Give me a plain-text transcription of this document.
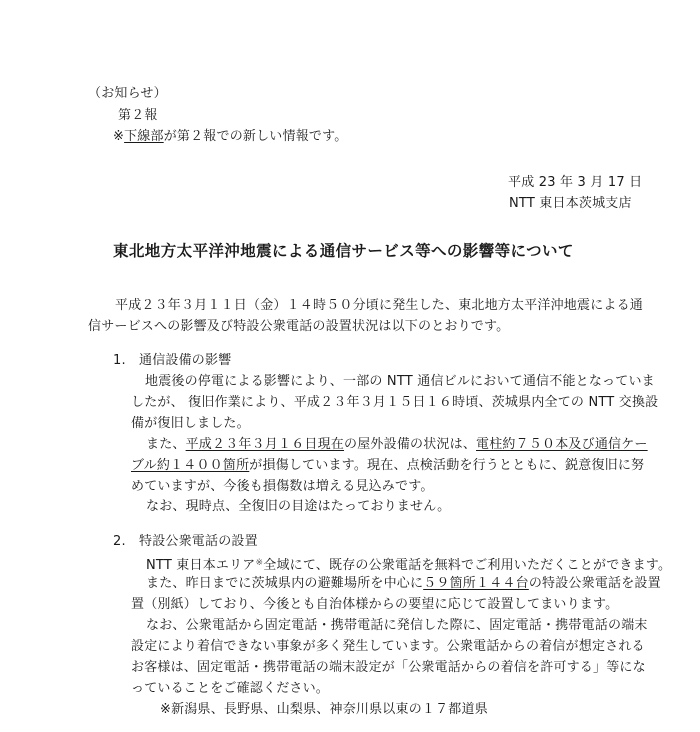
（お知らせ）
第２報
※下線部が第２報での新しい情報です。
平成 23 年 3 月 17 日
NTT 東日本茨城支店
東北地方太平洋沖地震による通信サービス等への影響等について
平成２３年３月１１日（金）１４時５０分頃に発生した、東北地方太平洋沖地震による通
信サービスへの影響及び特設公衆電話の設置状況は以下のとおりです。
1.　通信設備の影響
地震後の停電による影響により、一部の NTT 通信ビルにおいて通信不能となっていま
したが、 復旧作業により、平成２３年３月１５日１６時頃、茨城県内全ての NTT 交換設
備が復旧しました。
また、平成２３年３月１６日現在の屋外設備の状況は、電柱約７５０本及び通信ケー
ブル約１４００箇所が損傷しています。現在、点検活動を行うとともに、鋭意復旧に努
めていますが、今後も損傷数は増える見込みです。
なお、現時点、全復旧の目途はたっておりません。
2.　特設公衆電話の設置
NTT 東日本エリア※全域にて、既存の公衆電話を無料でご利用いただくことができます。
また、昨日までに茨城県内の避難場所を中心に５９箇所１４４台の特設公衆電話を設置
置（別紙）しており、今後とも自治体様からの要望に応じて設置してまいります。
なお、公衆電話から固定電話・携帯電話に発信した際に、固定電話・携帯電話の端末
設定により着信できない事象が多く発生しています。公衆電話からの着信が想定される
お客様は、固定電話・携帯電話の端末設定が「公衆電話からの着信を許可する」等にな
っていることをご確認ください。
※新潟県、長野県、山梨県、神奈川県以東の１７都道県
